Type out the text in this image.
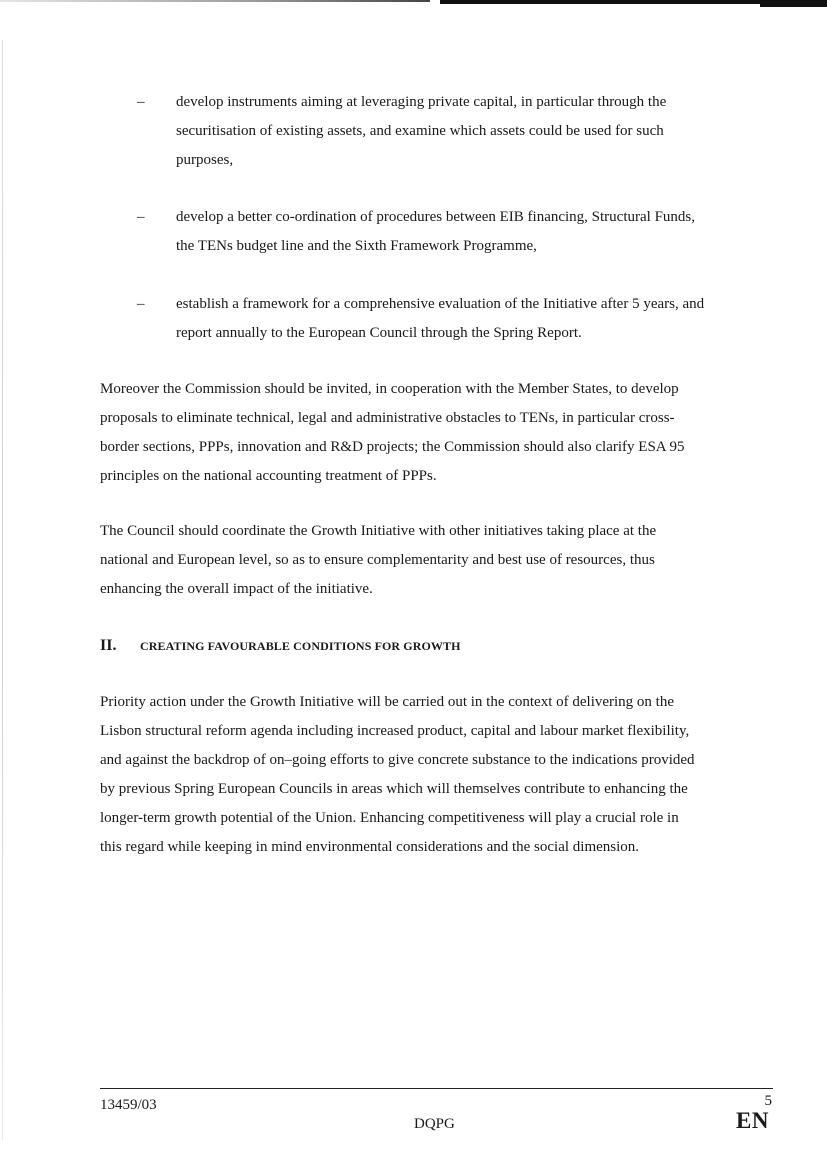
–	develop instruments aiming at leveraging private capital, in particular through the
securitisation of existing assets, and examine which assets could be used for such
purposes,
–	develop a better co-ordination of procedures between EIB financing, Structural Funds,
the TENs budget line and the Sixth Framework Programme,
–	establish a framework for a comprehensive evaluation of the Initiative after 5 years, and
report annually to the European Council through the Spring Report.
Moreover the Commission should be invited, in cooperation with the Member States, to develop
proposals to eliminate technical, legal and administrative obstacles to TENs, in particular cross-
border sections, PPPs, innovation and R&D projects; the Commission should also clarify ESA 95
principles on the national accounting treatment of PPPs.
The Council should coordinate the Growth Initiative with other initiatives taking place at the
national and European level, so as to ensure complementarity and best use of resources, thus
enhancing the overall impact of the initiative.
II.	CREATING FAVOURABLE CONDITIONS FOR GROWTH
Priority action under the Growth Initiative will be carried out in the context of delivering on the
Lisbon structural reform agenda including increased product, capital and labour market flexibility,
and against the backdrop of on–going efforts to give concrete substance to the indications provided
by previous Spring European Councils in areas which will themselves contribute to enhancing the
longer-term growth potential of the Union. Enhancing competitiveness will play a crucial role in
this regard while keeping in mind environmental considerations and the social dimension.
13459/03
DQPG
5
EN
